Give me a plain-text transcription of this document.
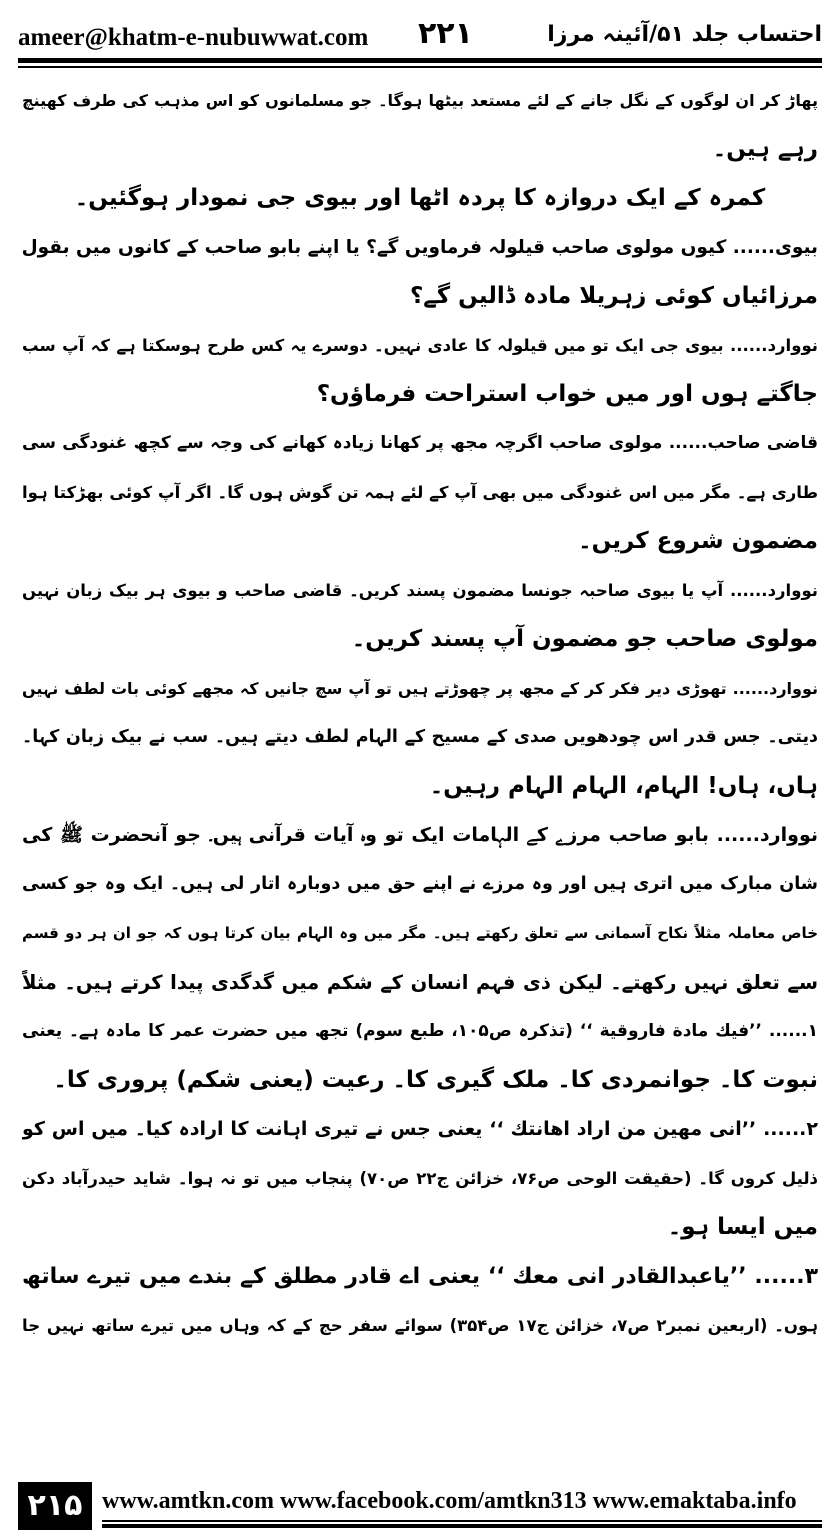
ameer@khatm-e-nubuwwat.com ۲۲۱	احتساب جلد ۵۱/آئینہ مرزا
پھاڑ کر ان لوگوں کے نگل جانے کے لئے مستعد بیٹھا ہوگا۔ جو مسلمانوں کو اس مذہب کی طرف کھینچ
رہے ہیں۔
کمرہ کے ایک دروازہ کا پردہ اٹھا اور بیوی جی نمودار ہوگئیں۔
بیوی...... کیوں مولوی صاحب قیلولہ فرماویں گے؟ یا اپنے بابو صاحب کے کانوں میں بقول
مرزائیاں کوئی زہریلا مادہ ڈالیں گے؟
نووارد...... بیوی جی ایک تو میں قیلولہ کا عادی نہیں۔ دوسرے یہ کس طرح ہوسکتا ہے کہ آپ سب
جاگتے ہوں اور میں خواب استراحت فرماؤں؟
قاضی صاحب...... مولوی صاحب اگرچہ مجھ پر کھانا زیادہ کھانے کی وجہ سے کچھ غنودگی سی
طاری ہے۔ مگر میں اس غنودگی میں بھی آپ کے لئے ہمہ تن گوش ہوں گا۔ اگر آپ کوئی بھڑکتا ہوا
مضمون شروع کریں۔
نووارد...... آپ یا بیوی صاحبہ جونسا مضمون پسند کریں۔ قاضی صاحب و بیوی ہر بیک زبان نہیں
مولوی صاحب جو مضمون آپ پسند کریں۔
نووارد...... تھوڑی دیر فکر کر کے مجھ پر چھوڑتے ہیں تو آپ سچ جانیں کہ مجھے کوئی بات لطف نہیں
دیتی۔ جس قدر اس چودھویں صدی کے مسیح کے الہام لطف دیتے ہیں۔ سب نے بیک زبان کہا۔
ہاں، ہاں! الہام، الہام الہام رہیں۔
نووارد...... بابو صاحب مرزے کے الہامات ایک تو وہ آیات قرآنی ہیں۔ جو آنحضرت ﷺ کی
شان مبارک میں اتری ہیں اور وہ مرزے نے اپنے حق میں دوبارہ اتار لی ہیں۔ ایک وہ جو کسی
خاص معاملہ مثلاً نکاح آسمانی سے تعلق رکھتے ہیں۔ مگر میں وہ الہام بیان کرتا ہوں کہ جو ان ہر دو قسم
سے تعلق نہیں رکھتے۔ لیکن ذی فہم انسان کے شکم میں گدگدی پیدا کرتے ہیں۔ مثلاً
۱...... ’’فیك مادة فاروقیة ‘‘ (تذکرہ ص۱۰۵، طبع سوم) تجھ میں حضرت عمر کا مادہ ہے۔ یعنی
نبوت کا۔ جوانمردی کا۔ ملک گیری کا۔ رعیت (یعنی شکم) پروری کا۔
۲...... ’’انی مهین من اراد اهانتك ‘‘ یعنی جس نے تیری اہانت کا ارادہ کیا۔ میں اس کو
ذلیل کروں گا۔ (حقیقت الوحی ص۷۶، خزائن ج۲۲ ص۷۰) پنجاب میں تو نہ ہوا۔ شاید حیدرآباد دکن
میں ایسا ہو۔
۳...... ’’یاعبدالقادر انی معك ‘‘ یعنی اے قادر مطلق کے بندے میں تیرے ساتھ
ہوں۔ (اربعین نمبر۲ ص۷، خزائن ج۱۷ ص۳۵۴) سوائے سفر حج کے کہ وہاں میں تیرے ساتھ نہیں جا
۲۱۵ www.amtkn.com www.facebook.com/amtkn313 www.emaktaba.info
